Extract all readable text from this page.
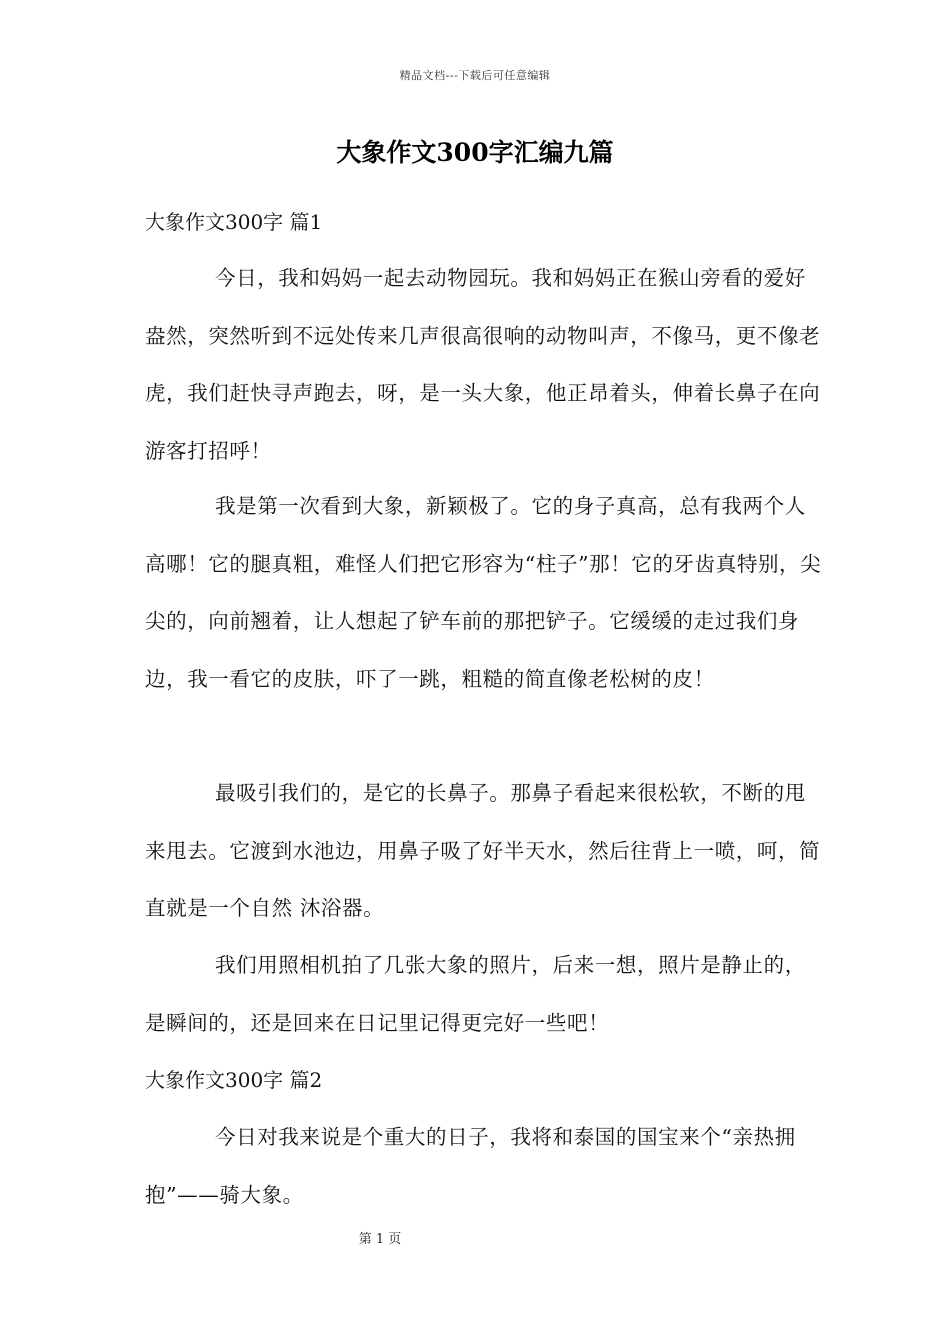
精品文档---下载后可任意编辑
大象作文300字汇编九篇
大象作文300字 篇1
今日，我和妈妈一起去动物园玩。我和妈妈正在猴山旁看的爱好盎然，突然听到不远处传来几声很高很响的动物叫声，不像马，更不像老虎，我们赶快寻声跑去，呀，是一头大象，他正昂着头，伸着长鼻子在向游客打招呼！
我是第一次看到大象，新颖极了。它的身子真高，总有我两个人高哪！它的腿真粗，难怪人们把它形容为“柱子”那！它的牙齿真特别，尖尖的，向前翘着，让人想起了铲车前的那把铲子。它缓缓的走过我们身边，我一看它的皮肤，吓了一跳，粗糙的简直像老松树的皮！
最吸引我们的，是它的长鼻子。那鼻子看起来很松软，不断的甩来甩去。它渡到水池边，用鼻子吸了好半天水，然后往背上一喷，呵，简直就是一个自然 沐浴器。
我们用照相机拍了几张大象的照片，后来一想，照片是静止的，是瞬间的，还是回来在日记里记得更完好一些吧！
大象作文300字 篇2
今日对我来说是个重大的日子，我将和泰国的国宝来个“亲热拥抱”——骑大象。
第 1 页
